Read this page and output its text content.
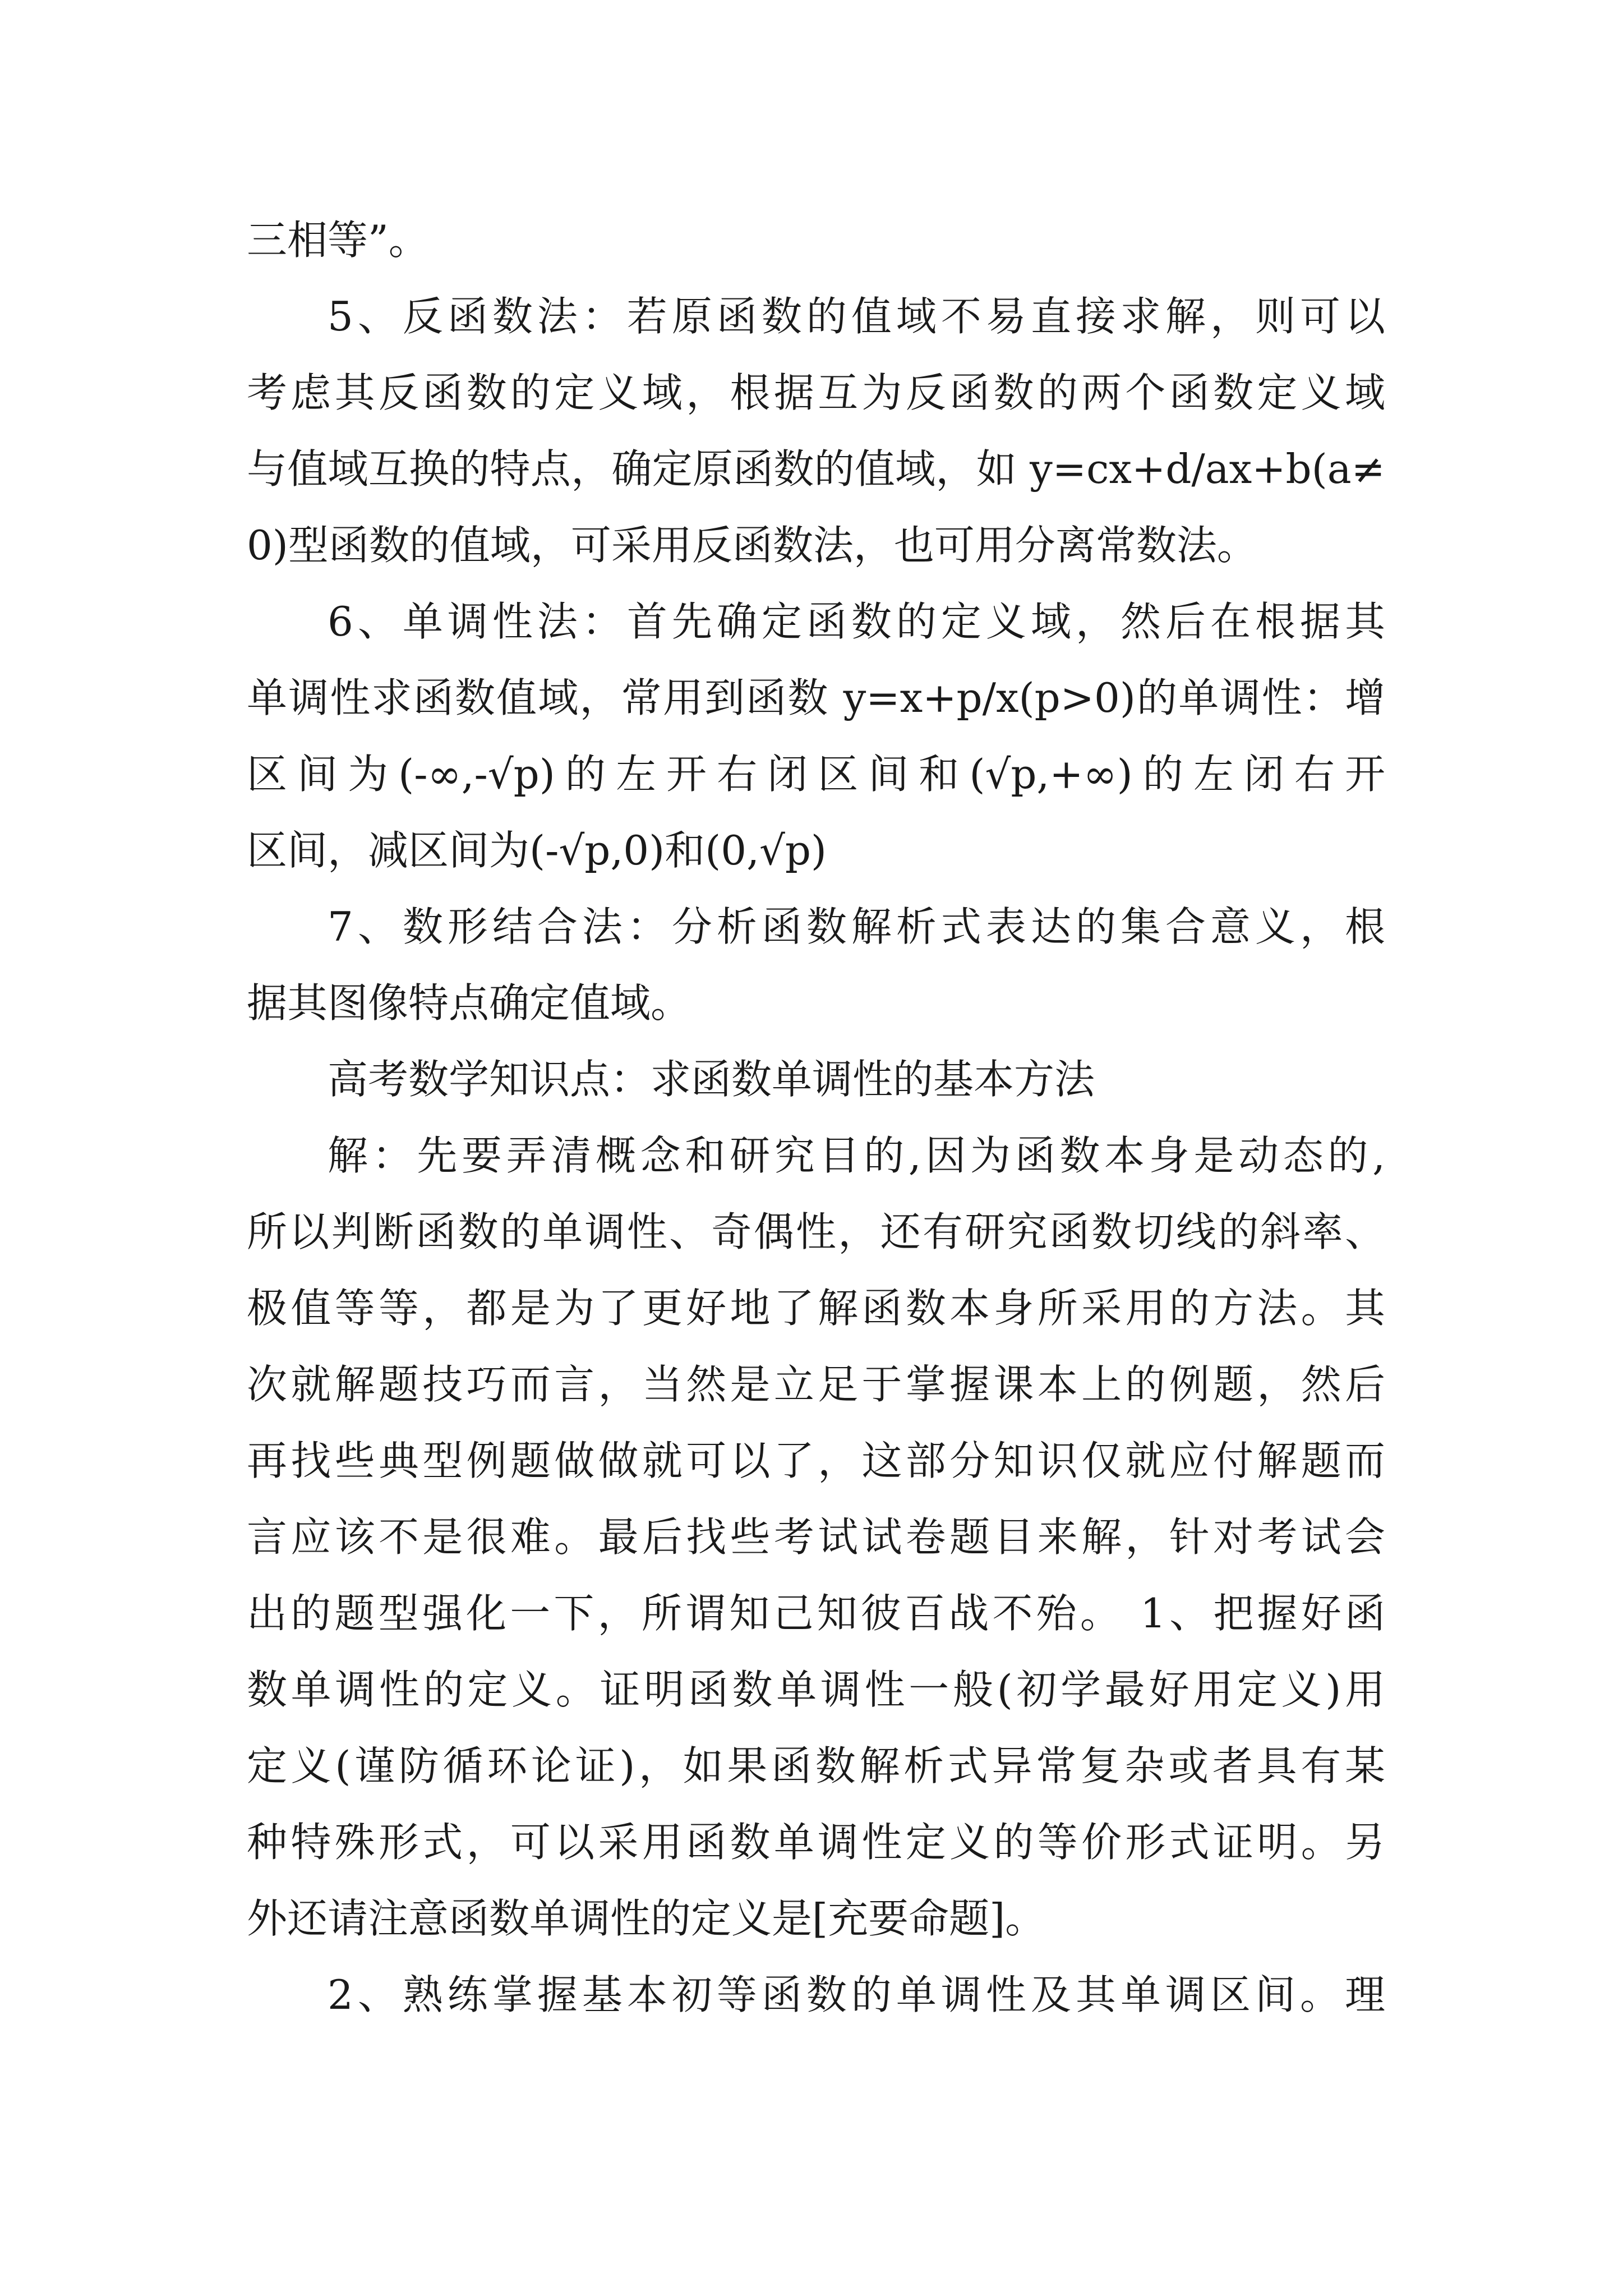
三相等”。
5、反函数法：若原函数的值域不易直接求解，则可以
考虑其反函数的定义域，根据互为反函数的两个函数定义域
与值域互换的特点，确定原函数的值域，如 y=cx+d/ax+b(a≠
0)型函数的值域，可采用反函数法，也可用分离常数法。
6、单调性法：首先确定函数的定义域，然后在根据其
单调性求函数值域，常用到函数 y=x+p/x(p>0)的单调性：增
区间为(-∞,-√p)的左开右闭区间和(√p,+∞)的左闭右开
区间，减区间为(-√p,0)和(0,√p)
7、数形结合法：分析函数解析式表达的集合意义，根
据其图像特点确定值域。
高考数学知识点：求函数单调性的基本方法
解：先要弄清概念和研究目的,因为函数本身是动态的,
所以判断函数的单调性、奇偶性，还有研究函数切线的斜率、
极值等等，都是为了更好地了解函数本身所采用的方法。其
次就解题技巧而言，当然是立足于掌握课本上的例题，然后
再找些典型例题做做就可以了，这部分知识仅就应付解题而
言应该不是很难。最后找些考试试卷题目来解，针对考试会
出的题型强化一下，所谓知己知彼百战不殆。 1、把握好函
数单调性的定义。证明函数单调性一般(初学最好用定义)用
定义(谨防循环论证)，如果函数解析式异常复杂或者具有某
种特殊形式，可以采用函数单调性定义的等价形式证明。另
外还请注意函数单调性的定义是[充要命题]。
2、熟练掌握基本初等函数的单调性及其单调区间。理
